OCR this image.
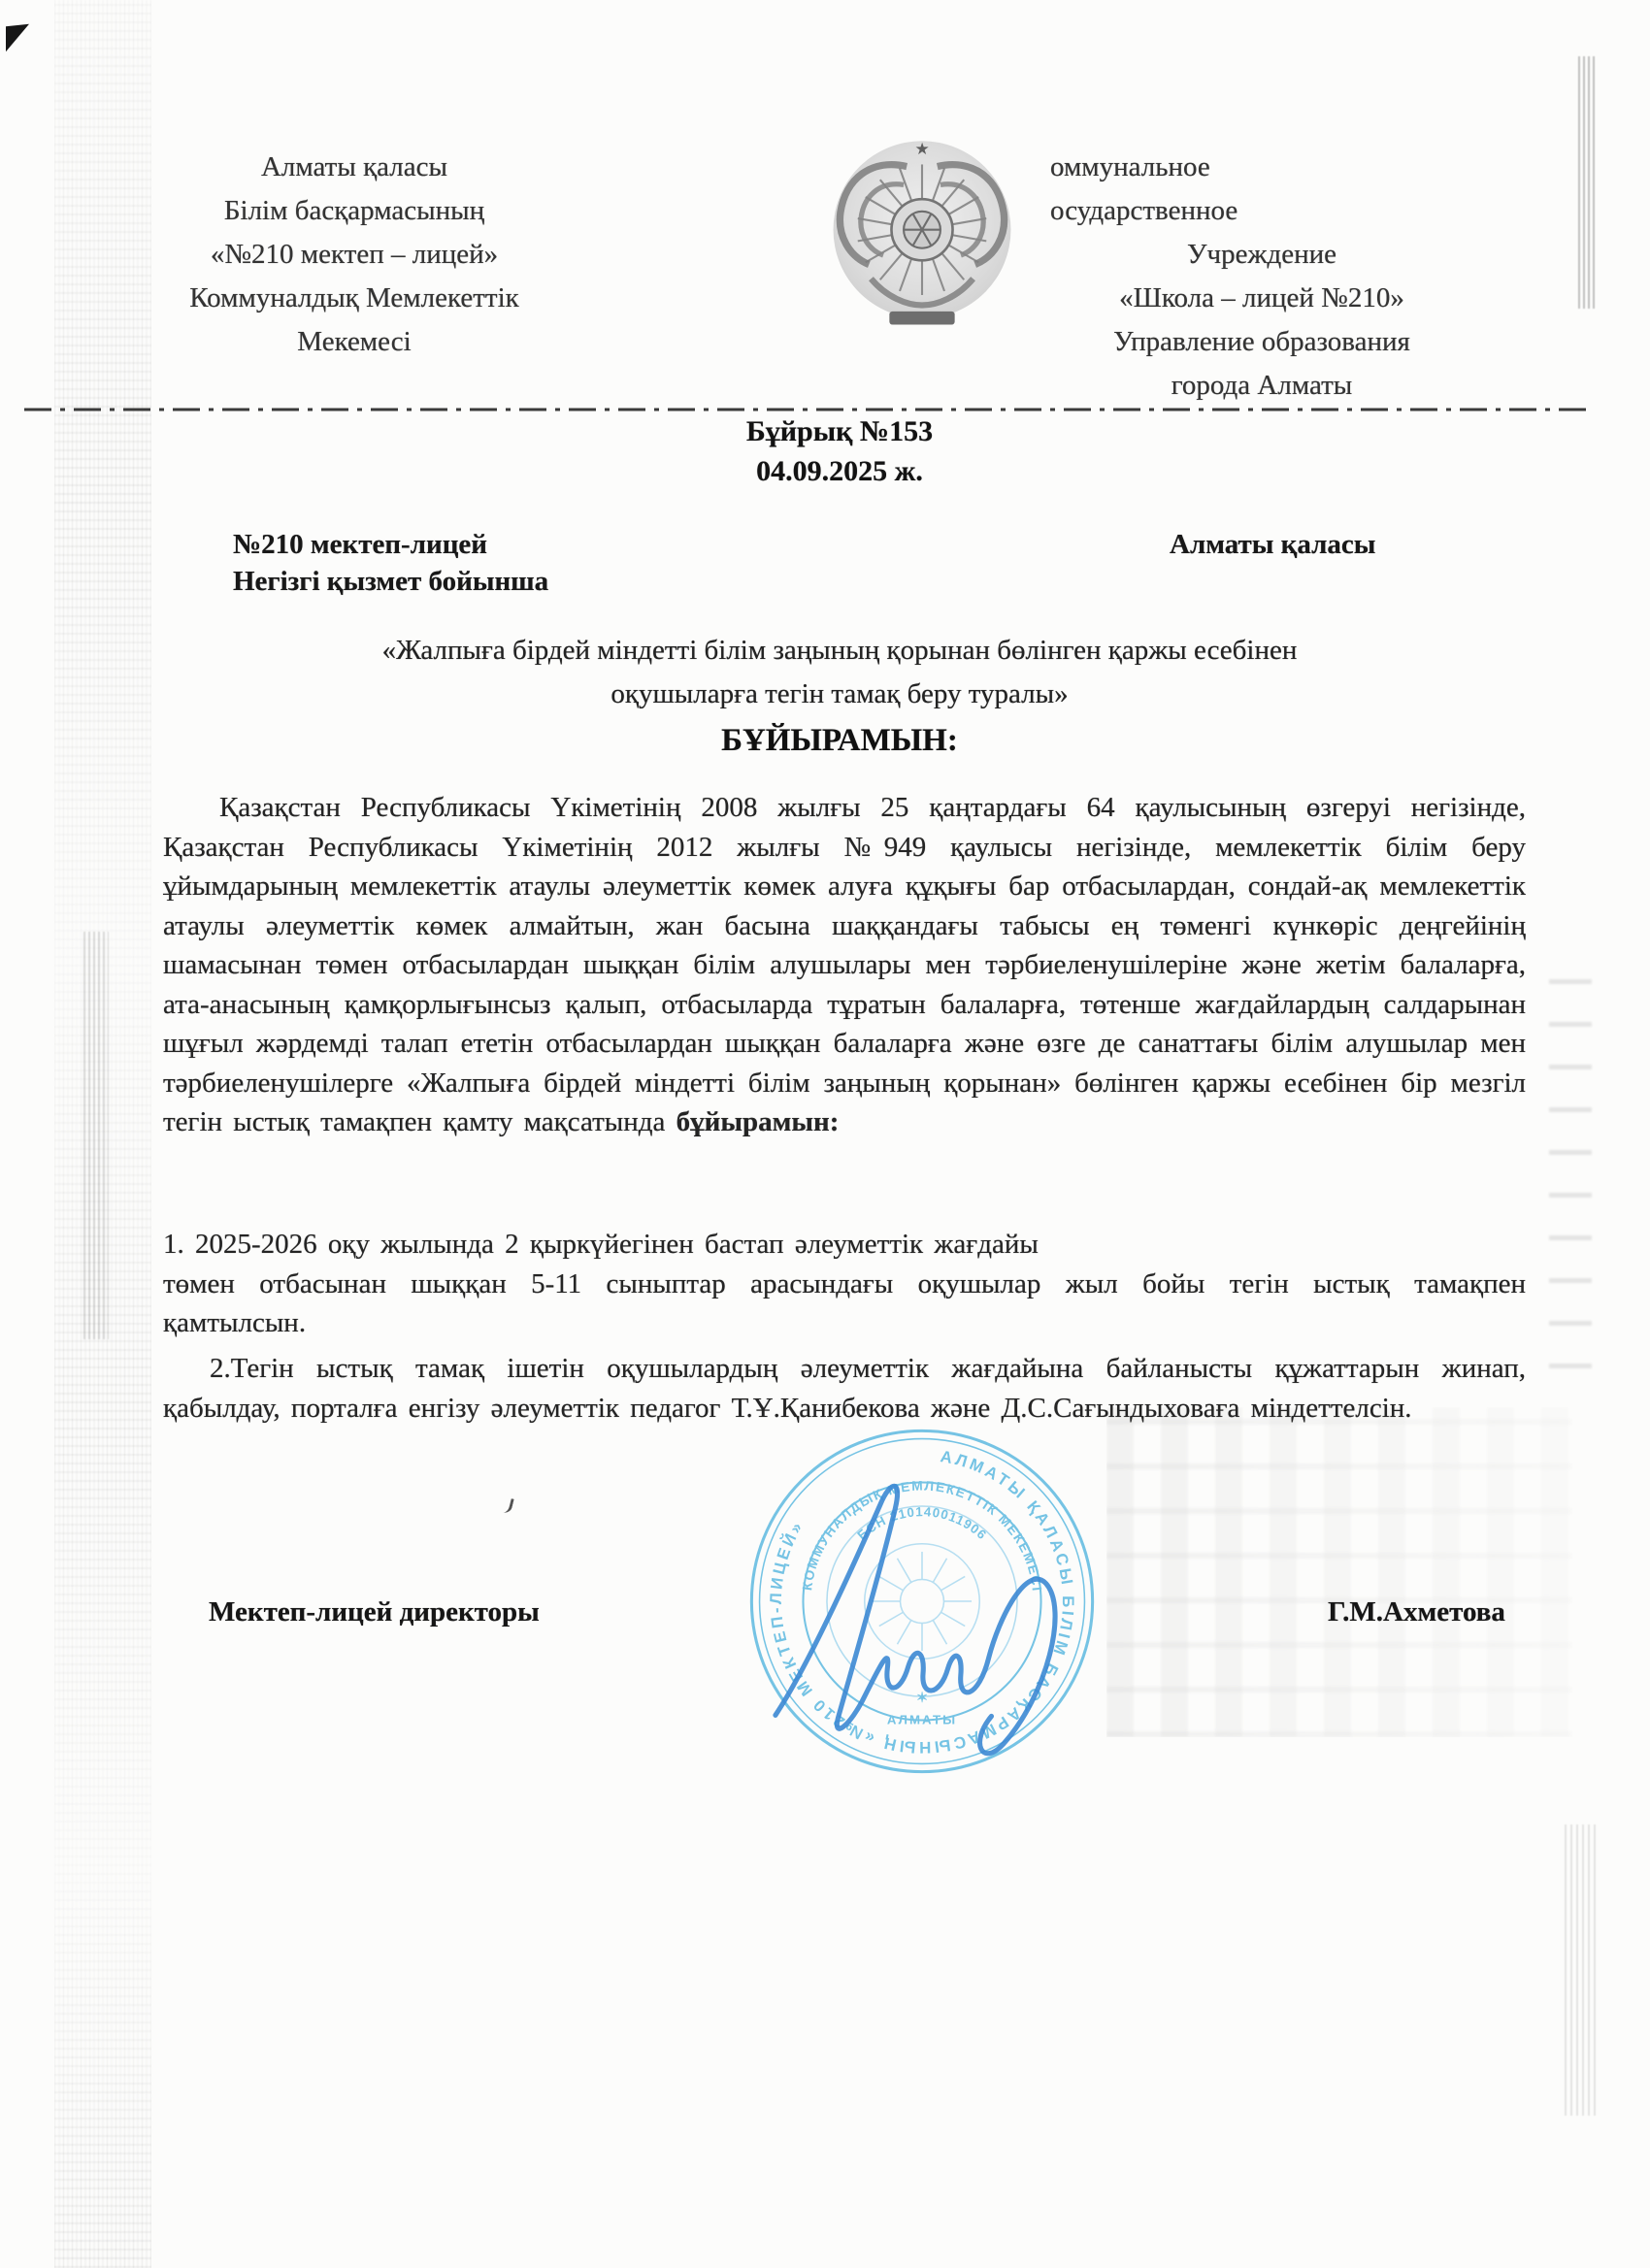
Алматы қаласы
Білім басқармасының
«№210 мектеп – лицей»
Коммуналдық Мемлекеттік
Мекемесі
★
оммунальное
осударственное
Учреждение
«Школа – лицей №210»
Управление образования
города Алматы
Бұйрық №153
04.09.2025 ж.
№210 мектеп-лицей	Алматы қаласы
Негізгі қызмет бойынша
«Жалпыға бірдей міндетті білім заңының қорынан бөлінген қаржы есебінен
оқушыларға тегін тамақ беру туралы»
БҰЙЫРАМЫН:
Қазақстан Республикасы Үкіметінің 2008 жылғы 25 қаңтардағы 64 қаулысының өзгеруі негізінде, Қазақстан Республикасы Үкіметінің 2012 жылғы №949 қаулысы негізінде, мемлекеттік білім беру ұйымдарының мемлекеттік атаулы әлеуметтік көмек алуға құқығы бар отбасылардан, сондай-ақ мемлекеттік атаулы әлеуметтік көмек алмайтын, жан басына шаққандағы табысы ең төменгі күнкөріс деңгейінің шамасынан төмен отбасылардан шыққан білім алушылары мен тәрбиеленушілеріне және жетім балаларға, ата-анасының қамқорлығынсыз қалып, отбасыларда тұратын балаларға, төтенше жағдайлардың салдарынан шұғыл жәрдемді талап ететін отбасылардан шыққан балаларға және өзге де санаттағы білім алушылар мен тәрбиеленушілерге «Жалпыға бірдей міндетті білім заңының қорынан» бөлінген қаржы есебінен бір мезгіл тегін ыстық тамақпен қамту мақсатында бұйырамын:
1. 2025-2026 оқу жылында 2 қыркүйегінен бастап әлеуметтік жағдайы
төмен отбасынан шыққан 5-11 сыныптар арасындағы оқушылар жыл бойы тегін ыстық тамақпен қамтылсын.
2.Тегін ыстық тамақ ішетін оқушылардың әлеуметтік жағдайына байланысты құжаттарын жинап, қабылдау, порталға енгізу әлеуметтік педагог Т.Ұ.Қанибекова және Д.С.Сағындыховаға міндеттелсін.
Мектеп-лицей директоры	Г.М.Ахметова
АЛМАТЫ ҚАЛАСЫ БІЛІМ БАСҚАРМАСЫНЫҢ «№210 МЕКТЕП-ЛИЦЕЙ»
КОММУНАЛДЫҚ МЕМЛЕКЕТТІК МЕКЕМЕСІ
БСН 210140011906
✶
АЛМАТЫ
